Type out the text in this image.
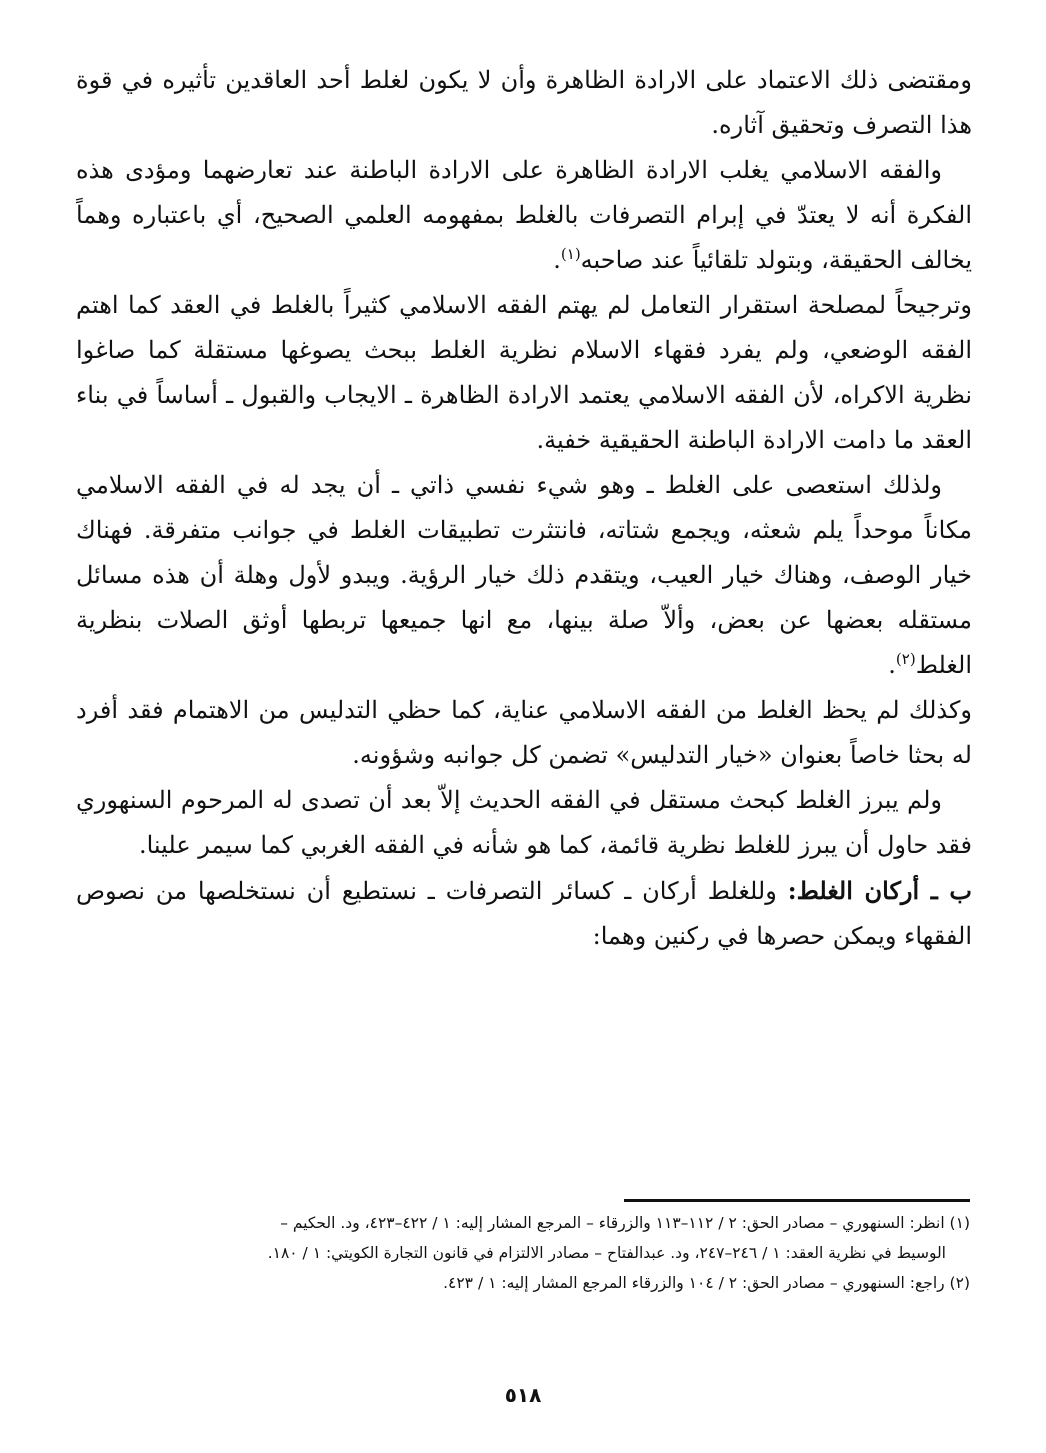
ومقتضى ذلك الاعتماد على الارادة الظاهرة وأن لا يكون لغلط أحد العاقدين تأثيره في قوة هذا التصرف وتحقيق آثاره.

والفقه الاسلامي يغلب الارادة الظاهرة على الارادة الباطنة عند تعارضهما ومؤدى هذه الفكرة أنه لا يعتدّ في إبرام التصرفات بالغلط بمفهومه العلمي الصحيح، أي باعتباره وهماً يخالف الحقيقة، وبتولد تلقائياً عند صاحبه$^{(١)}$.

وترجيحاً لمصلحة استقرار التعامل لم يهتم الفقه الاسلامي كثيراً بالغلط في العقد كما اهتم الفقه الوضعي، ولم يفرد فقهاء الاسلام نظرية الغلط ببحث يصوغها مستقلة كما صاغوا نظرية الاكراه، لأن الفقه الاسلامي يعتمد الارادة الظاهرة ـ الايجاب والقبول ـ أساساً في بناء العقد ما دامت الارادة الباطنة الحقيقية خفية.

ولذلك استعصى على الغلط ـ وهو شيء نفسي ذاتي ـ أن يجد له في الفقه الاسلامي مكاناً موحداً يلم شعثه، ويجمع شتاته، فانتثرت تطبيقات الغلط في جوانب متفرقة. فهناك خيار الوصف، وهناك خيار العيب، ويتقدم ذلك خيار الرؤية. ويبدو لأول وهلة أن هذه مسائل مستقله بعضها عن بعض، وألاّ صلة بينها، مع انها جميعها تربطها أوثق الصلات بنظرية الغلط$^{(٢)}$.

وكذلك لم يحظ الغلط من الفقه الاسلامي عناية، كما حظي التدليس من الاهتمام فقد أفرد له بحثا خاصاً بعنوان «خيار التدليس» تضمن كل جوانبه وشؤونه.

ولم يبرز الغلط كبحث مستقل في الفقه الحديث إلاّ بعد أن تصدى له المرحوم السنهوري فقد حاول أن يبرز للغلط نظرية قائمة، كما هو شأنه في الفقه الغربي كما سيمر علينا.

ب ـ أركان الغلط: وللغلط أركان ـ كسائر التصرفات ـ نستطيع أن نستخلصها من نصوص الفقهاء ويمكن حصرها في ركنين وهما:

(١) انظر: السنهوري – مصادر الحق: ٢ / ١١٢–١١٣ والزرقاء – المرجع المشار إليه: ١ / ٤٢٢–٤٢٣، ود. الحكيم –

الوسيط في نظرية العقد: ١ / ٢٤٦–٢٤٧، ود. عبدالفتاح – مصادر الالتزام في قانون التجارة الكويتي: ١ / ١٨٠.

(٢) راجع: السنهوري – مصادر الحق: ٢ / ١٠٤ والزرقاء المرجع المشار إليه: ١ / ٤٢٣.

٥١٨
